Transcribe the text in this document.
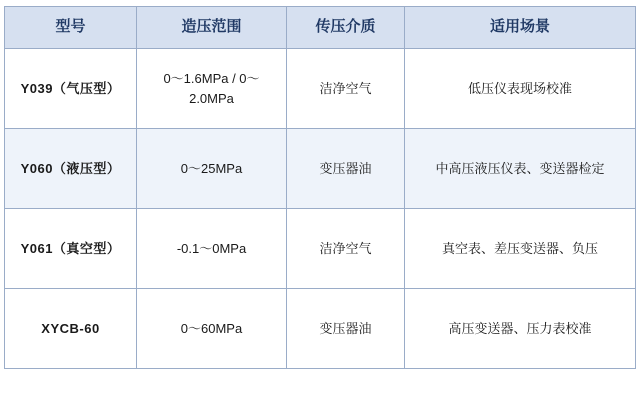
型号	造压范围	传压介质	适用场景
Y039（气压型）	0～1.6MPa / 0～2.0MPa	洁净空气	低压仪表现场校准
Y060（液压型）	0～25MPa	变压器油	中高压液压仪表、变送器检定
Y061（真空型）	-0.1～0MPa	洁净空气	真空表、差压变送器、负压
XYCB-60	0～60MPa	变压器油	高压变送器、压力表校准
